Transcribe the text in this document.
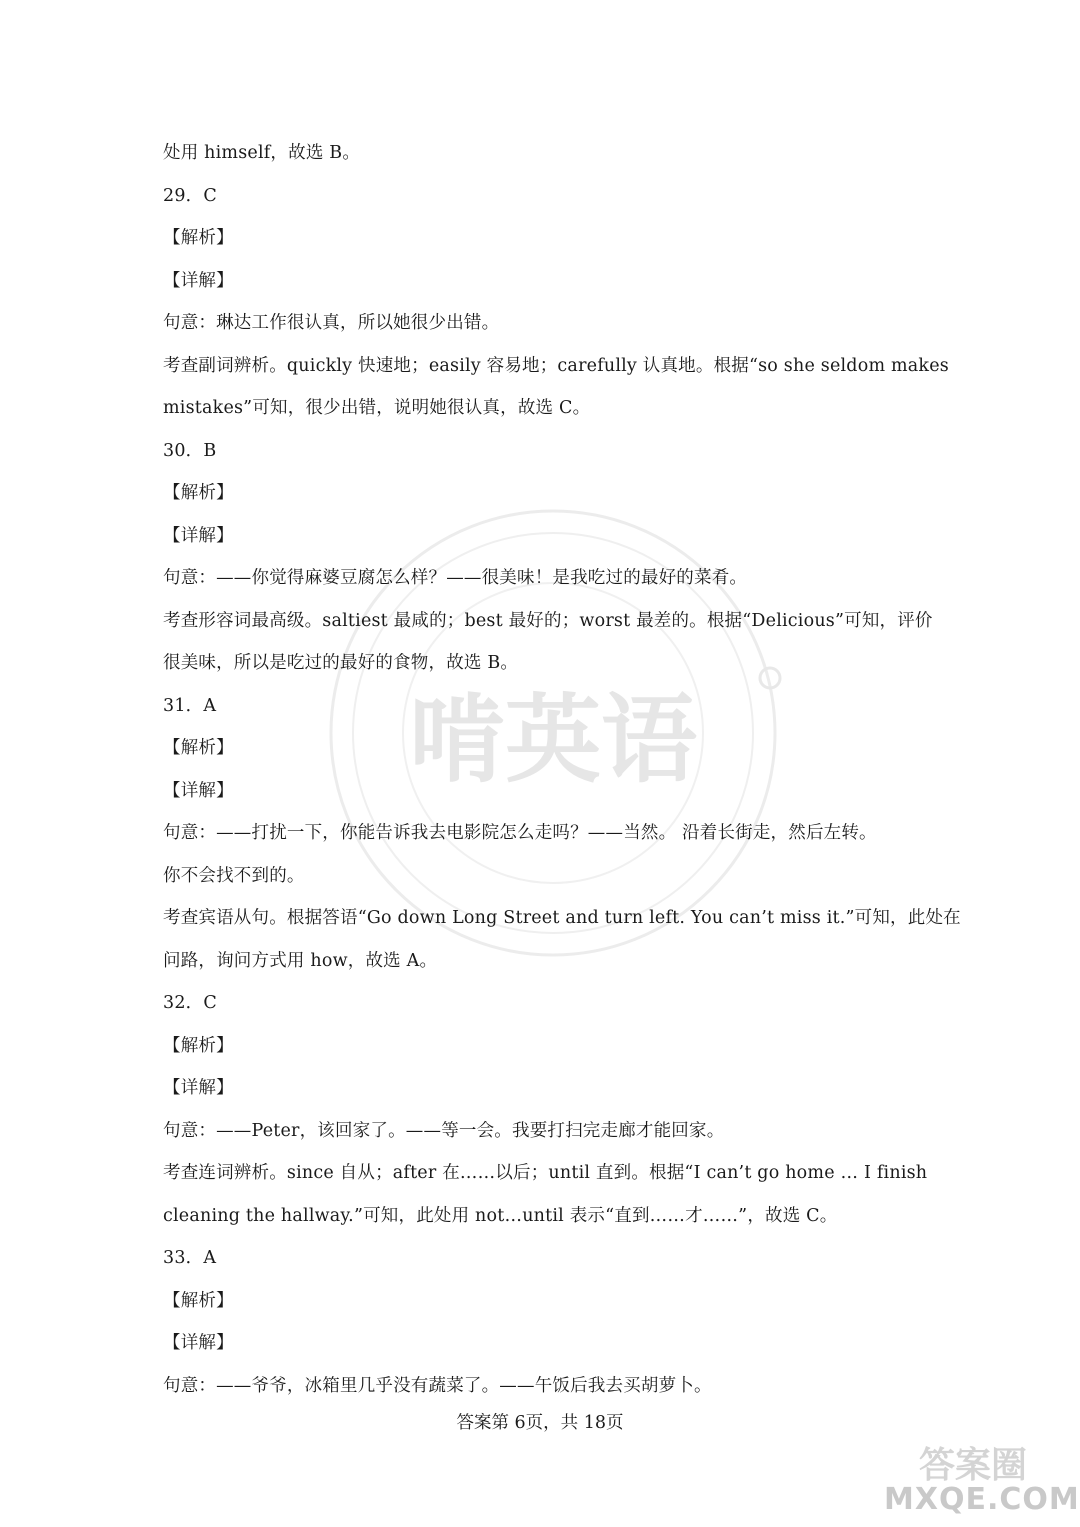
啃英语
处用 himself，故选 B。
29．C
【解析】
【详解】
句意：琳达工作很认真，所以她很少出错。
考查副词辨析。quickly 快速地；easily 容易地；carefully 认真地。根据“so she seldom makes
mistakes”可知，很少出错，说明她很认真，故选 C。
30．B
【解析】
【详解】
句意：——你觉得麻婆豆腐怎么样？——很美味！是我吃过的最好的菜肴。
考查形容词最高级。saltiest 最咸的；best 最好的；worst 最差的。根据“Delicious”可知，评价
很美味，所以是吃过的最好的食物，故选 B。
31．A
【解析】
【详解】
句意：——打扰一下，你能告诉我去电影院怎么走吗？——当然。 沿着长街走，然后左转。
你不会找不到的。
考查宾语从句。根据答语“Go down Long Street and turn left. You can’t miss it.”可知，此处在
问路，询问方式用 how，故选 A。
32．C
【解析】
【详解】
句意：——Peter，该回家了。——等一会。我要打扫完走廊才能回家。
考查连词辨析。since 自从；after 在……以后；until 直到。根据“I can’t go home … I finish
cleaning the hallway.”可知，此处用 not…until 表示“直到……才……”，故选 C。
33．A
【解析】
【详解】
句意：——爷爷，冰箱里几乎没有蔬菜了。——午饭后我去买胡萝卜。
答案第 6页，共 18页
答案圈
MXQE.COM
